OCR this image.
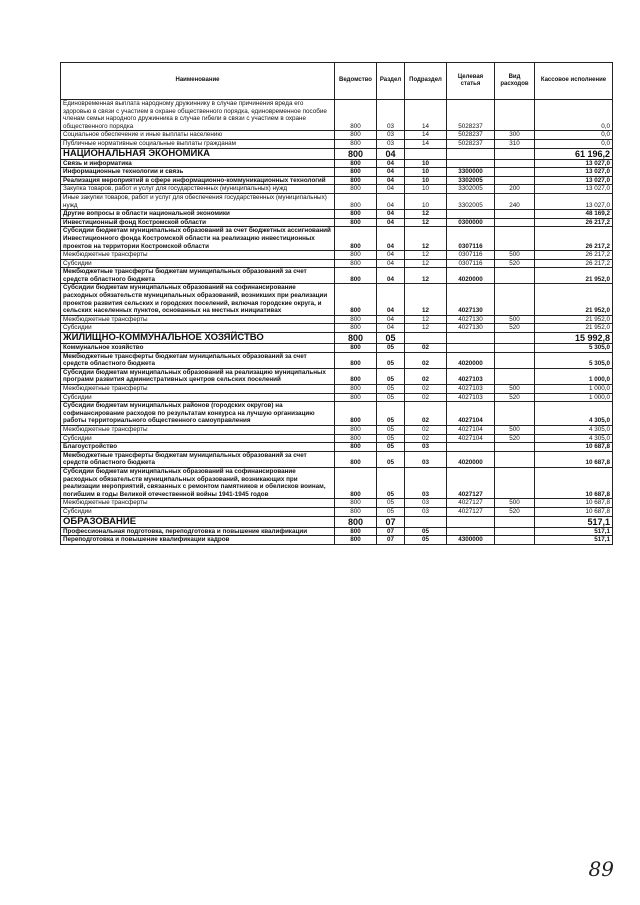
Наименование	Ведомство	Раздел	Подраздел	Целевая статья	Вид расходов	Кассовое исполнение
Единовременная выплата народному дружиннику в случае причинения вреда его здоровью в связи с участием в охране общественного порядка, единовременное пособие членам семьи народного дружинника в случае гибели в связи с участием в охране общественного порядка	800	03	14	5028237		0,0
Социальное обеспечение и иные выплаты населению	800	03	14	5028237	300	0,0
Публичные нормативные социальные выплаты гражданам	800	03	14	5028237	310	0,0
НАЦИОНАЛЬНАЯ ЭКОНОМИКА	800	04				61 196,2
Связь и информатика	800	04	10			13 027,0
Информационные технологии и связь	800	04	10	3300000		13 027,0
Реализация мероприятий в сфере информационно-коммуникационных технологий	800	04	10	3302005		13 027,0
Закупка товаров, работ и услуг для государственных (муниципальных) нужд	800	04	10	3302005	200	13 027,0
Иные закупки товаров, работ и услуг для обеспечения государственных (муниципальных) нужд	800	04	10	3302005	240	13 027,0
Другие вопросы в области национальной экономики	800	04	12			48 169,2
Инвестиционный фонд Костромской области	800	04	12	0300000		26 217,2
Субсидии бюджетам муниципальных образований за счет бюджетных ассигнований Инвестиционного фонда Костромской области на реализацию инвестиционных проектов на территории Костромской области	800	04	12	0307116		26 217,2
Межбюджетные трансферты	800	04	12	0307116	500	26 217,2
Субсидии	800	04	12	0307116	520	26 217,2
Межбюджетные трансферты бюджетам муниципальных образований за счет средств областного бюджета	800	04	12	4020000		21 952,0
Субсидии бюджетам муниципальных образований на софинансирование расходных обязательств муниципальных образований, возникших при реализации проектов развития сельских и городских поселений, включая городские округа, и сельских населенных пунктов, основанных на местных инициативах	800	04	12	4027130		21 952,0
Межбюджетные трансферты	800	04	12	4027130	500	21 952,0
Субсидии	800	04	12	4027130	520	21 952,0
ЖИЛИЩНО-КОММУНАЛЬНОЕ ХОЗЯЙСТВО	800	05				15 992,8
Коммунальное хозяйство	800	05	02			5 305,0
Межбюджетные трансферты бюджетам муниципальных образований за счет средств областного бюджета	800	05	02	4020000		5 305,0
Субсидии бюджетам муниципальных образований на реализацию муниципальных программ развития административных центров сельских поселений	800	05	02	4027103		1 000,0
Межбюджетные трансферты	800	05	02	4027103	500	1 000,0
Субсидии	800	05	02	4027103	520	1 000,0
Субсидии бюджетам муниципальных районов (городских округов) на софинансирование расходов по результатам конкурса на лучшую организацию работы территориального общественного самоуправления	800	05	02	4027104		4 305,0
Межбюджетные трансферты	800	05	02	4027104	500	4 305,0
Субсидии	800	05	02	4027104	520	4 305,0
Благоустройство	800	05	03			10 687,8
Межбюджетные трансферты бюджетам муниципальных образований за счет средств областного бюджета	800	05	03	4020000		10 687,8
Субсидии бюджетам муниципальных образований на софинансирование расходных обязательств муниципальных образований, возникающих при реализации мероприятий, связанных с ремонтом памятников и обелисков воинам, погибшим в годы Великой отечественной войны 1941-1945 годов	800	05	03	4027127		10 687,8
Межбюджетные трансферты	800	05	03	4027127	500	10 687,8
Субсидии	800	05	03	4027127	520	10 687,8
ОБРАЗОВАНИЕ	800	07				517,1
Профессиональная подготовка, переподготовка и повышение квалификации	800	07	05			517,1
Переподготовка и повышение квалификации кадров	800	07	05	4300000		517,1
89
